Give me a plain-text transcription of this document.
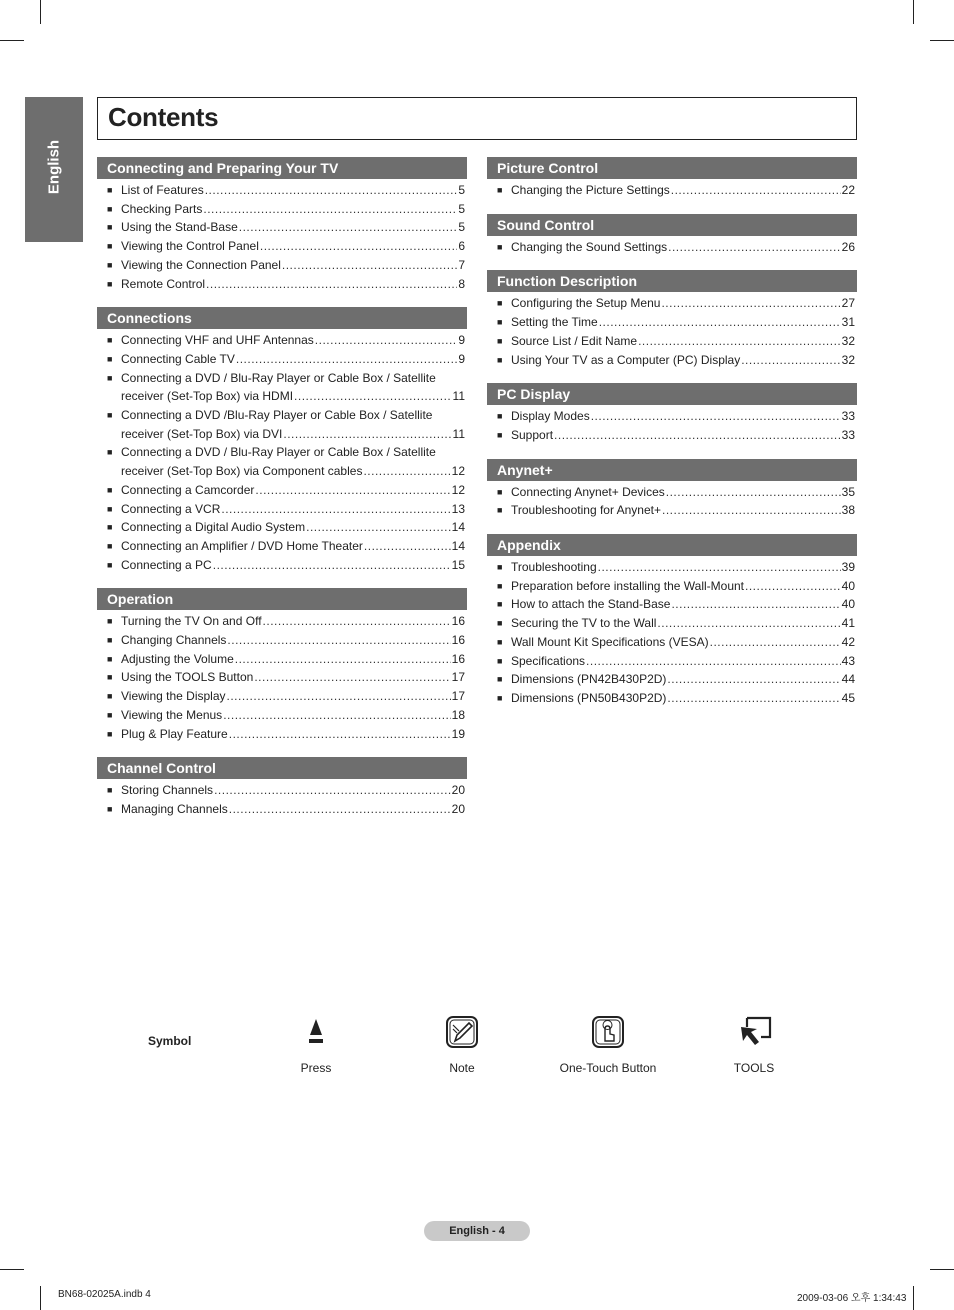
English
Contents
Connecting and Preparing Your TV
■ List of Features .....	5
■ Checking Parts .....	5
■ Using the Stand-Base .....	5
■ Viewing the Control Panel .....	6
■ Viewing the Connection Panel .....	7
■ Remote Control .....	8
Connections
■ Connecting VHF and UHF Antennas .....	9
■ Connecting Cable TV .....	9
■ Connecting a DVD / Blu-Ray Player or Cable Box / Satellite
receiver (Set-Top Box) via HDMI .....	11
■ Connecting a DVD /Blu-Ray Player or Cable Box / Satellite
receiver (Set-Top Box) via DVI .....	11
■ Connecting a DVD / Blu-Ray Player or Cable Box / Satellite
receiver (Set-Top Box) via Component cables .....	12
■ Connecting a Camcorder .....	12
■ Connecting a VCR .....	13
■ Connecting a Digital Audio System .....	14
■ Connecting an Amplifier / DVD Home Theater .....	14
■ Connecting a PC .....	15
Operation
■ Turning the TV On and Off .....	16
■ Changing Channels .....	16
■ Adjusting the Volume .....	16
■ Using the TOOLS Button .....	17
■ Viewing the Display .....	17
■ Viewing the Menus .....	18
■ Plug & Play Feature .....	19
Channel Control
■ Storing Channels .....	20
■ Managing Channels .....	20
Picture Control
■ Changing the Picture Settings .....	22
Sound Control
■ Changing the Sound Settings .....	26
Function Description
■ Configuring the Setup Menu .....	27
■ Setting the Time .....	31
■ Source List / Edit Name .....	32
■ Using Your TV as a Computer (PC) Display .....	32
PC Display
■ Display Modes .....	33
■ Support .....	33
Anynet+
■ Connecting Anynet+ Devices .....	35
■ Troubleshooting for Anynet+ .....	38
Appendix
■ Troubleshooting .....	39
■ Preparation before installing the Wall-Mount .....	40
■ How to attach the Stand-Base .....	40
■ Securing the TV to the Wall .....	41
■ Wall Mount Kit Specifications (VESA) .....	42
■ Specifications .....	43
■ Dimensions (PN42B430P2D) .....	44
■ Dimensions (PN50B430P2D) .....	45
Symbol
Press	Note	One-Touch Button	TOOLS
English - 4
BN68-02025A.indb 4	2009-03-06 오후 1:34:43
